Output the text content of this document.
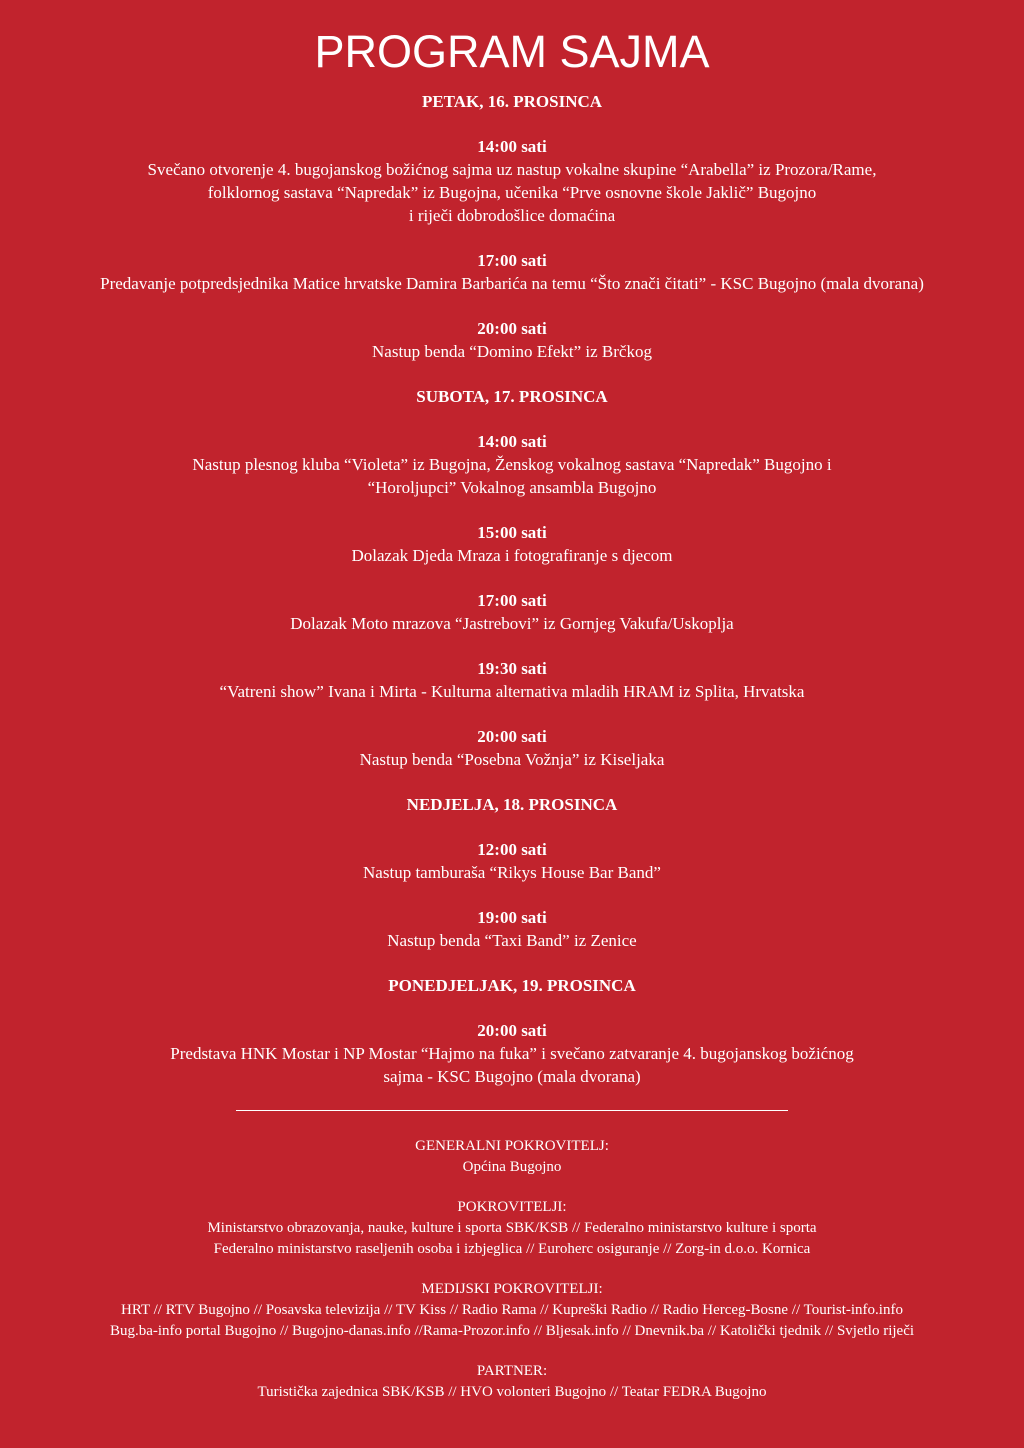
PROGRAM SAJMA
PETAK, 16. PROSINCA
14:00 sati
Svečano otvorenje 4. bugojanskog božićnog sajma uz nastup vokalne skupine “Arabella” iz Prozora/Rame,
folklornog sastava “Napredak” iz Bugojna, učenika “Prve osnovne škole Jaklič” Bugojno
i riječi dobrodošlice domaćina
17:00 sati
Predavanje potpredsjednika Matice hrvatske Damira Barbarića na temu “Što znači čitati” - KSC Bugojno (mala dvorana)
20:00 sati
Nastup benda “Domino Efekt” iz Brčkog
SUBOTA, 17. PROSINCA
14:00 sati
Nastup plesnog kluba “Violeta” iz Bugojna, Ženskog vokalnog sastava “Napredak” Bugojno i
“Horoljupci” Vokalnog ansambla Bugojno
15:00 sati
Dolazak Djeda Mraza i fotografiranje s djecom
17:00 sati
Dolazak Moto mrazova “Jastrebovi” iz Gornjeg Vakufa/Uskoplja
19:30 sati
“Vatreni show” Ivana i Mirta - Kulturna alternativa mladih HRAM iz Splita, Hrvatska
20:00 sati
Nastup benda “Posebna Vožnja” iz Kiseljaka
NEDJELJA, 18. PROSINCA
12:00 sati
Nastup tamburaša “Rikys House Bar Band”
19:00 sati
Nastup benda “Taxi Band” iz Zenice
PONEDJELJAK, 19. PROSINCA
20:00 sati
Predstava HNK Mostar i NP Mostar “Hajmo na fuka” i svečano zatvaranje 4. bugojanskog božićnog
sajma - KSC Bugojno (mala dvorana)
GENERALNI POKROVITELJ:
Općina Bugojno
POKROVITELJI:
Ministarstvo obrazovanja, nauke, kulture i sporta SBK/KSB // Federalno ministarstvo kulture i sporta
Federalno ministarstvo raseljenih osoba i izbjeglica // Euroherc osiguranje // Zorg-in d.o.o. Kornica
MEDIJSKI POKROVITELJI:
HRT // RTV Bugojno // Posavska televizija // TV Kiss // Radio Rama // Kupreški Radio // Radio Herceg-Bosne // Tourist-info.info
Bug.ba-info portal Bugojno // Bugojno-danas.info //Rama-Prozor.info // Bljesak.info // Dnevnik.ba // Katolički tjednik // Svjetlo riječi
PARTNER:
Turistička zajednica SBK/KSB // HVO volonteri Bugojno // Teatar FEDRA Bugojno
